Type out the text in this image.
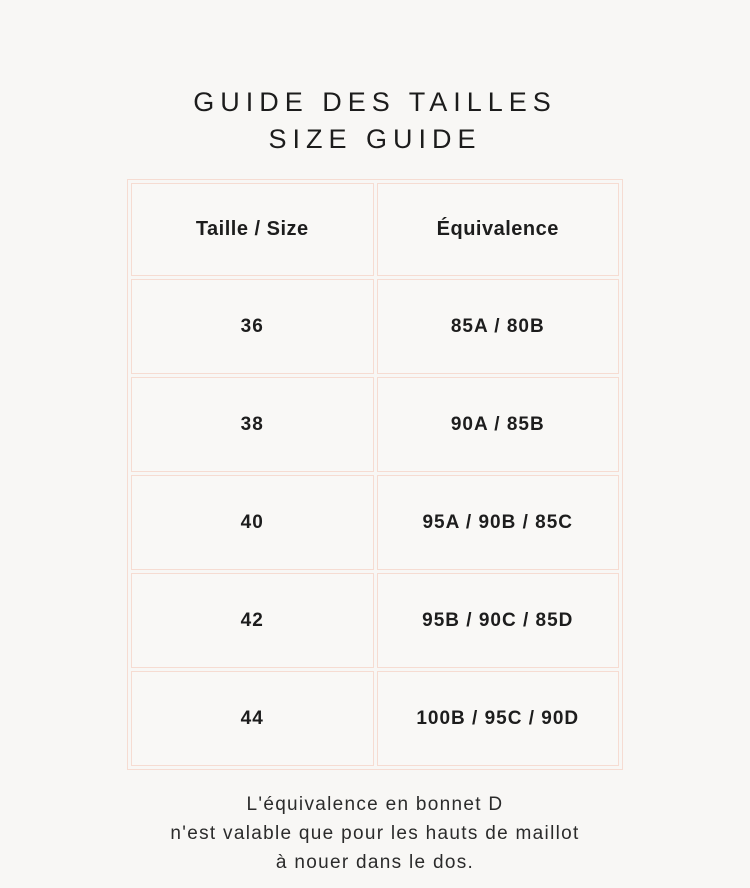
GUIDE DES TAILLES
SIZE GUIDE
Taille / Size	Équivalence
36	85A / 80B
38	90A / 85B
40	95A / 90B / 85C
42	95B / 90C / 85D
44	100B / 95C / 90D
L'équivalence en bonnet D
n'est valable que pour les hauts de maillot
à nouer dans le dos.
